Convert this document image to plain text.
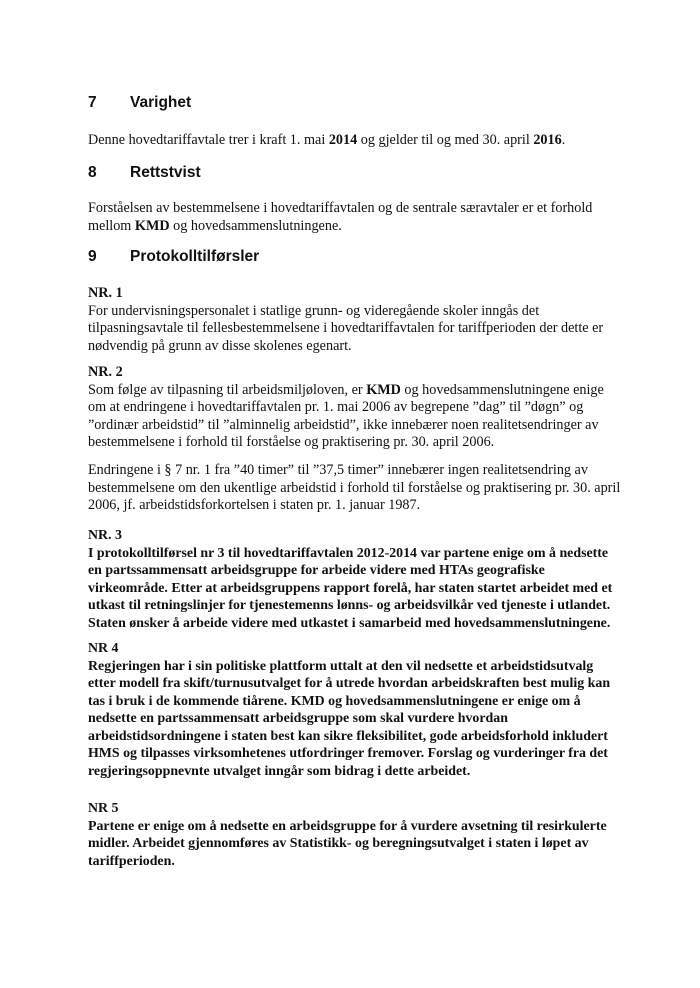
7 Varighet

Denne hovedtariffavtale trer i kraft 1. mai 2014 og gjelder til og med 30. april 2016.

8 Rettstvist

Forståelsen av bestemmelsene i hovedtariffavtalen og de sentrale særavtaler er et forhold
mellom KMD og hovedsammenslutningene.

9 Protokolltilførsler

NR. 1
For undervisningspersonalet i statlige grunn- og videregående skoler inngås det
tilpasningsavtale til fellesbestemmelsene i hovedtariffavtalen for tariffperioden der dette er
nødvendig på grunn av disse skolenes egenart.

NR. 2
Som følge av tilpasning til arbeidsmiljøloven, er KMD og hovedsammenslutningene enige
om at endringene i hovedtariffavtalen pr. 1. mai 2006 av begrepene ”dag” til ”døgn” og
”ordinær arbeidstid” til ”alminnelig arbeidstid”, ikke innebærer noen realitetsendringer av
bestemmelsene i forhold til forståelse og praktisering pr. 30. april 2006.

Endringene i § 7 nr. 1 fra ”40 timer” til ”37,5 timer” innebærer ingen realitetsendring av
bestemmelsene om den ukentlige arbeidstid i forhold til forståelse og praktisering pr. 30. april
2006, jf. arbeidstidsforkortelsen i staten pr. 1. januar 1987.

NR. 3
I protokolltilførsel nr 3 til hovedtariffavtalen 2012-2014 var partene enige om å nedsette
en partssammensatt arbeidsgruppe for arbeide videre med HTAs geografiske
virkeområde. Etter at arbeidsgruppens rapport forelå, har staten startet arbeidet med et
utkast til retningslinjer for tjenestemenns lønns- og arbeidsvilkår ved tjeneste i utlandet.
Staten ønsker å arbeide videre med utkastet i samarbeid med hovedsammenslutningene.

NR 4
Regjeringen har i sin politiske plattform uttalt at den vil nedsette et arbeidstidsutvalg
etter modell fra skift/turnusutvalget for å utrede hvordan arbeidskraften best mulig kan
tas i bruk i de kommende tiårene. KMD og hovedsammenslutningene er enige om å
nedsette en partssammensatt arbeidsgruppe som skal vurdere hvordan
arbeidstidsordningene i staten best kan sikre fleksibilitet, gode arbeidsforhold inkludert
HMS og tilpasses virksomhetenes utfordringer fremover. Forslag og vurderinger fra det
regjeringsoppnevnte utvalget inngår som bidrag i dette arbeidet.

NR 5
Partene er enige om å nedsette en arbeidsgruppe for å vurdere avsetning til resirkulerte
midler. Arbeidet gjennomføres av Statistikk- og beregningsutvalget i staten i løpet av
tariffperioden.
